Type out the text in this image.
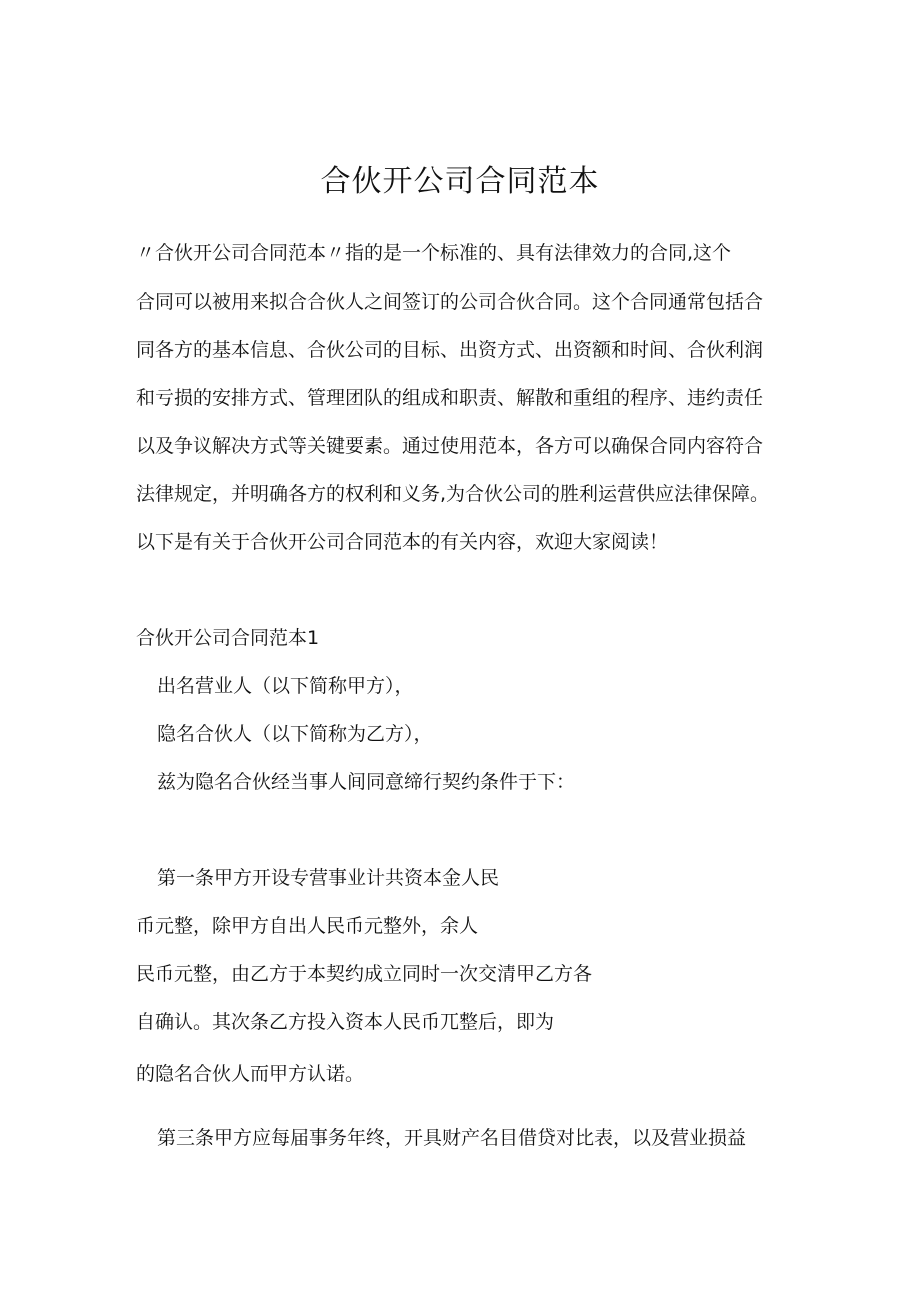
合伙开公司合同范本
〃合伙开公司合同范本〃指的是一个标准的、具有法律效力的合同,这个
合同可以被用来拟合合伙人之间签订的公司合伙合同。这个合同通常包括合
同各方的基本信息、合伙公司的目标、出资方式、出资额和时间、合伙利润
和亏损的安排方式、管理团队的组成和职责、解散和重组的程序、违约责任
以及争议解决方式等关键要素。通过使用范本，各方可以确保合同内容符合
法律规定，并明确各方的权利和义务,为合伙公司的胜利运营供应法律保障。
以下是有关于合伙开公司合同范本的有关内容，欢迎大家阅读！
合伙开公司合同范本1
出名营业人（以下简称甲方），
隐名合伙人（以下简称为乙方），
兹为隐名合伙经当事人间同意缔行契约条件于下：
第一条甲方开设专营事业计共资本金人民
币元整，除甲方自出人民币元整外，余人
民币元整，由乙方于本契约成立同时一次交清甲乙方各
自确认。其次条乙方投入资本人民币兀整后，即为
的隐名合伙人而甲方认诺。
第三条甲方应每届事务年终，开具财产名目借贷对比表，以及营业损益
